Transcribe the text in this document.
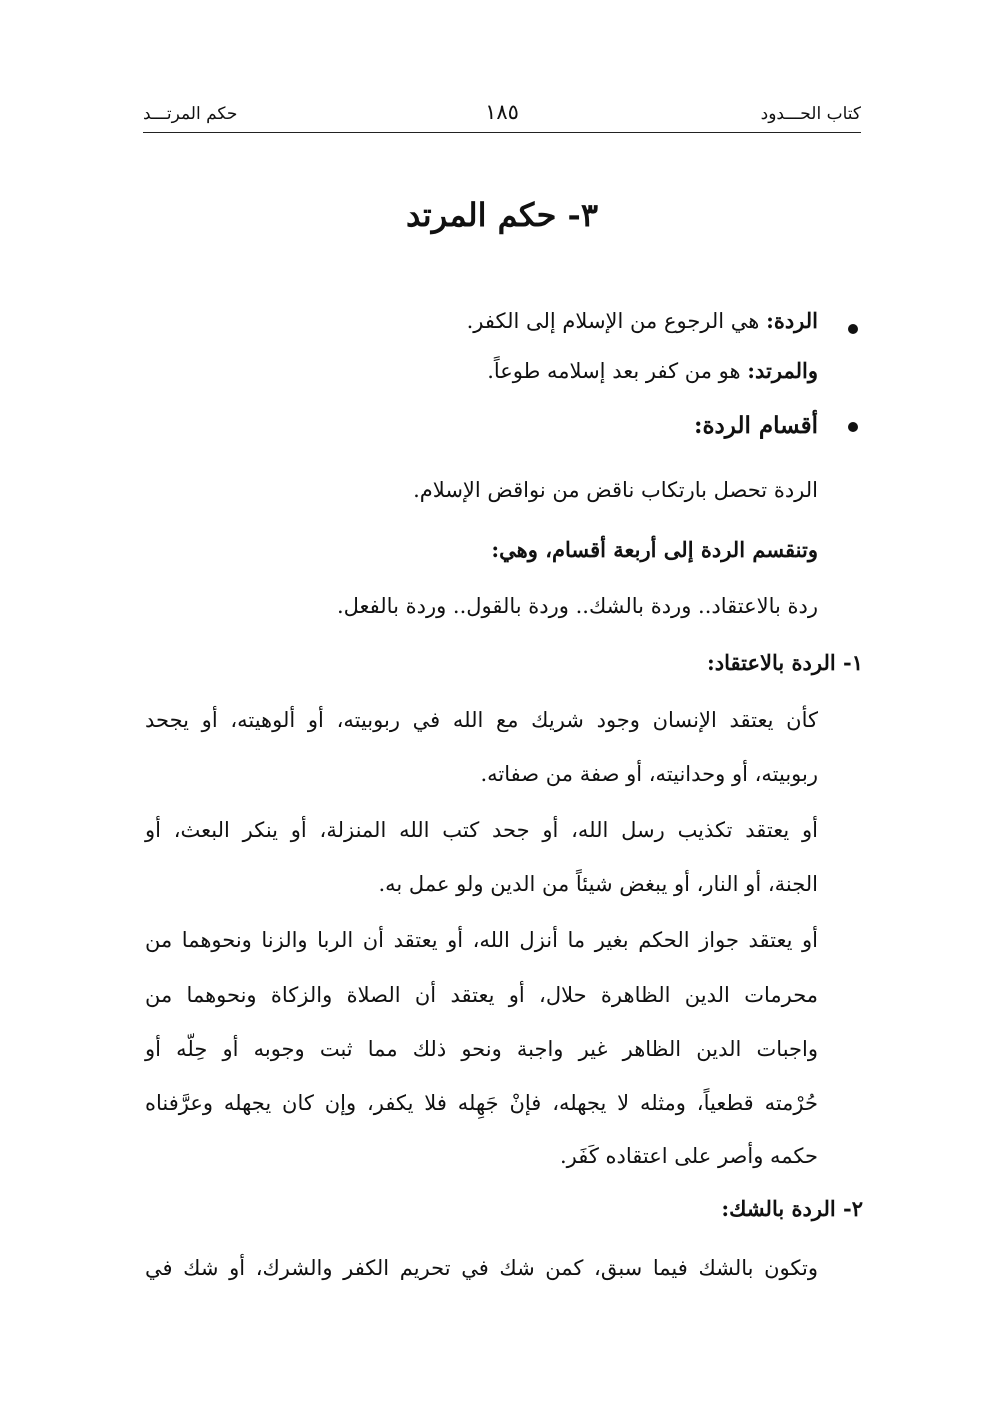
كتاب الحـــدود
١٨٥
حكم المرتـــد
٣- حكم المرتد
الردة: هي الرجوع من الإسلام إلى الكفر.
والمرتد: هو من كفر بعد إسلامه طوعاً.
أقسام الردة:
الردة تحصل بارتكاب ناقض من نواقض الإسلام.
وتنقسم الردة إلى أربعة أقسام، وهي:
ردة بالاعتقاد.. وردة بالشك.. وردة بالقول.. وردة بالفعل.
١- الردة بالاعتقاد:
كأن يعتقد الإنسان وجود شريك مع الله في ربوبيته، أو ألوهيته، أو يجحد
ربوبيته، أو وحدانيته، أو صفة من صفاته.
أو يعتقد تكذيب رسل الله، أو جحد كتب الله المنزلة، أو ينكر البعث، أو
الجنة، أو النار، أو يبغض شيئاً من الدين ولو عمل به.
أو يعتقد جواز الحكم بغير ما أنزل الله، أو يعتقد أن الربا والزنا ونحوهما من
محرمات الدين الظاهرة حلال، أو يعتقد أن الصلاة والزكاة ونحوهما من
واجبات الدين الظاهر غير واجبة ونحو ذلك مما ثبت وجوبه أو حِلّه أو
حُرْمته قطعياً، ومثله لا يجهله، فإنْ جَهِله فلا يكفر، وإن كان يجهله وعرَّفناه
حكمه وأصر على اعتقاده كَفَر.
٢- الردة بالشك:
وتكون بالشك فيما سبق، كمن شك في تحريم الكفر والشرك، أو شك في
